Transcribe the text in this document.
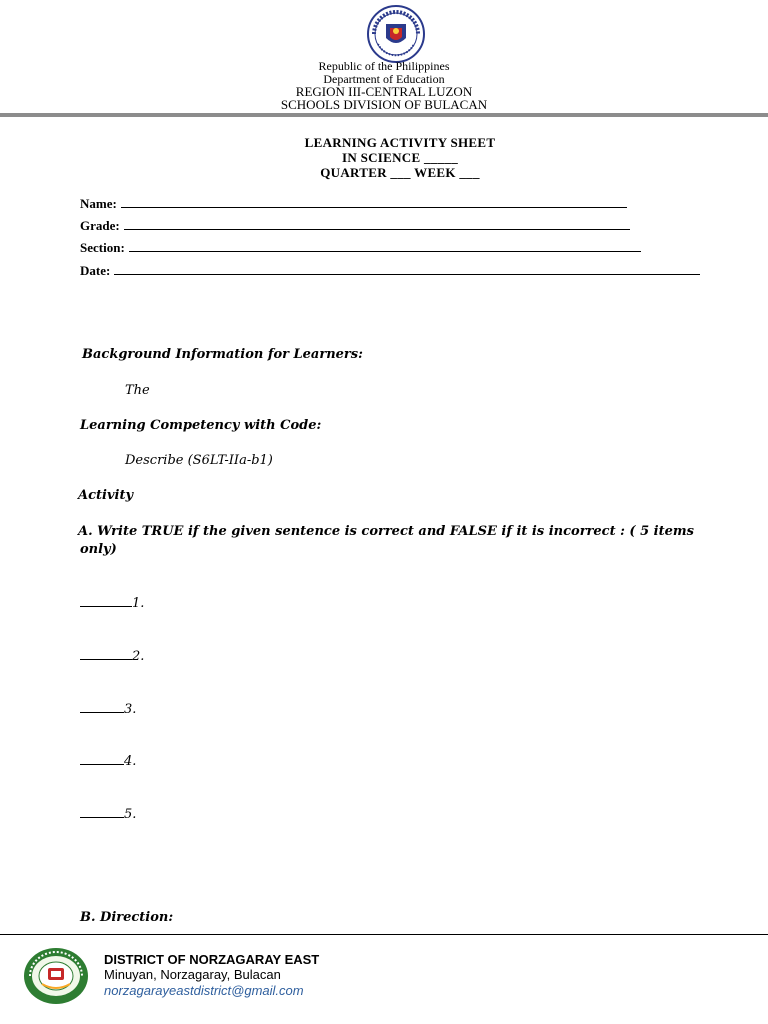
Republic of the Philippines
Department of Education
REGION III-CENTRAL LUZON
SCHOOLS DIVISION OF BULACAN
LEARNING ACTIVITY SHEET
IN SCIENCE _____
QUARTER ___ WEEK ___
Name:
Grade:
Section:
Date:
Background Information for Learners:
The
Learning Competency with Code:
Describe (S6LT-IIa-b1)
Activity
A. Write TRUE if the given sentence is correct and FALSE if it is incorrect : ( 5 items
only)
1.
2.
3.
4.
5.
B. Direction:
DISTRICT OF NORZAGARAY EAST
Minuyan, Norzagaray, Bulacan
norzagarayeastdistrict@gmail.com
